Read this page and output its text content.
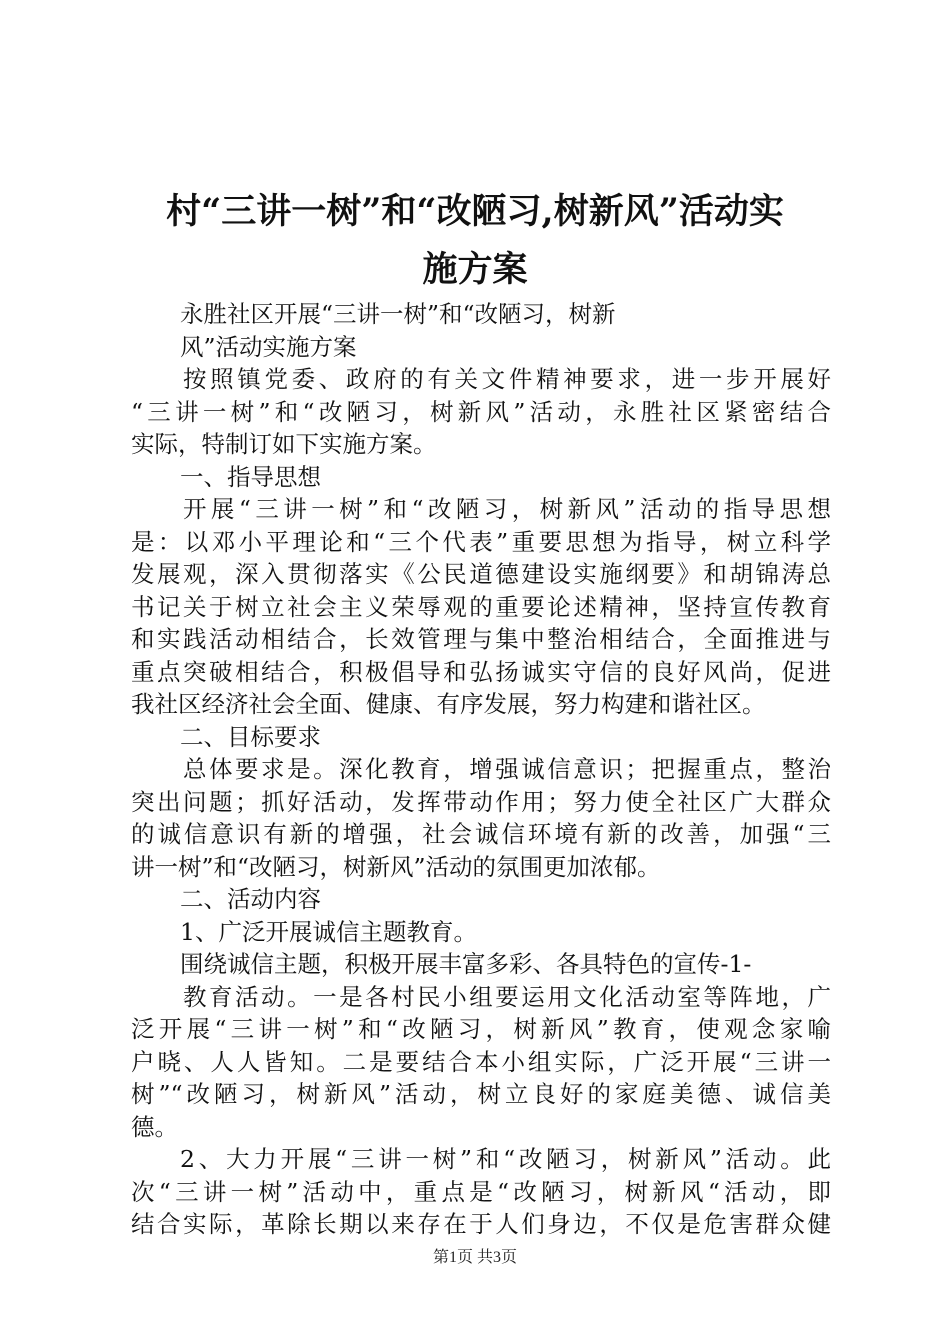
村“三讲一树”和“改陋习,树新风”活动实
施方案
永胜社区开展“三讲一树”和“改陋习，树新
风”活动实施方案
按照镇党委、政府的有关文件精神要求，进一步开展好
“三讲一树”和“改陋习，树新风”活动，永胜社区紧密结合
实际，特制订如下实施方案。
一、指导思想
开展“三讲一树”和“改陋习，树新风”活动的指导思想
是：以邓小平理论和“三个代表”重要思想为指导，树立科学
发展观，深入贯彻落实《公民道德建设实施纲要》和胡锦涛总
书记关于树立社会主义荣辱观的重要论述精神，坚持宣传教育
和实践活动相结合，长效管理与集中整治相结合，全面推进与
重点突破相结合，积极倡导和弘扬诚实守信的良好风尚，促进
我社区经济社会全面、健康、有序发展，努力构建和谐社区。
二、目标要求
总体要求是。深化教育，增强诚信意识；把握重点，整治
突出问题；抓好活动，发挥带动作用；努力使全社区广大群众
的诚信意识有新的增强，社会诚信环境有新的改善，加强“三
讲一树”和“改陋习，树新风”活动的氛围更加浓郁。
二、活动内容
1、广泛开展诚信主题教育。
围绕诚信主题，积极开展丰富多彩、各具特色的宣传-1-
教育活动。一是各村民小组要运用文化活动室等阵地，广
泛开展“三讲一树”和“改陋习，树新风”教育，使观念家喻
户晓、人人皆知。二是要结合本小组实际，广泛开展“三讲一
树”“改陋习，树新风”活动，树立良好的家庭美德、诚信美
德。
2、大力开展“三讲一树”和“改陋习，树新风”活动。此
次“三讲一树”活动中，重点是“改陋习，树新风“活动，即
结合实际，革除长期以来存在于人们身边，不仅是危害群众健
第1页 共3页
